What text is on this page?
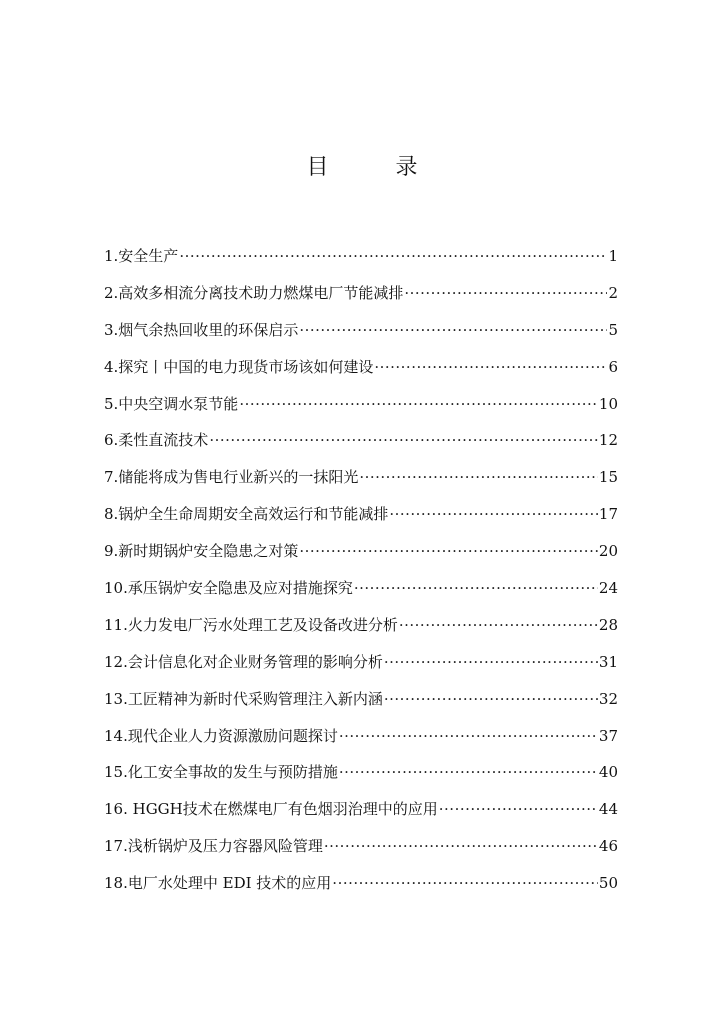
目 录
1.安全生产 ·····	1
2.高效多相流分离技术助力燃煤电厂节能减排 ·····	2
3.烟气余热回收里的环保启示 ·····	5
4.探究丨中国的电力现货市场该如何建设 ·····	6
5.中央空调水泵节能 ·····	10
6.柔性直流技术 ·····	12
7.储能将成为售电行业新兴的一抹阳光 ·····	15
8.锅炉全生命周期安全高效运行和节能减排 ·····	17
9.新时期锅炉安全隐患之对策 ·····	20
10.承压锅炉安全隐患及应对措施探究 ·····	24
11.火力发电厂污水处理工艺及设备改进分析 ·····	28
12.会计信息化对企业财务管理的影响分析 ·····	31
13.工匠精神为新时代采购管理注入新内涵 ·····	32
14.现代企业人力资源激励问题探讨 ·····	37
15.化工安全事故的发生与预防措施 ·····	40
16. HGGH技术在燃煤电厂有色烟羽治理中的应用 ·····	44
17.浅析锅炉及压力容器风险管理 ·····	46
18.电厂水处理中 EDI 技术的应用 ·····	50
